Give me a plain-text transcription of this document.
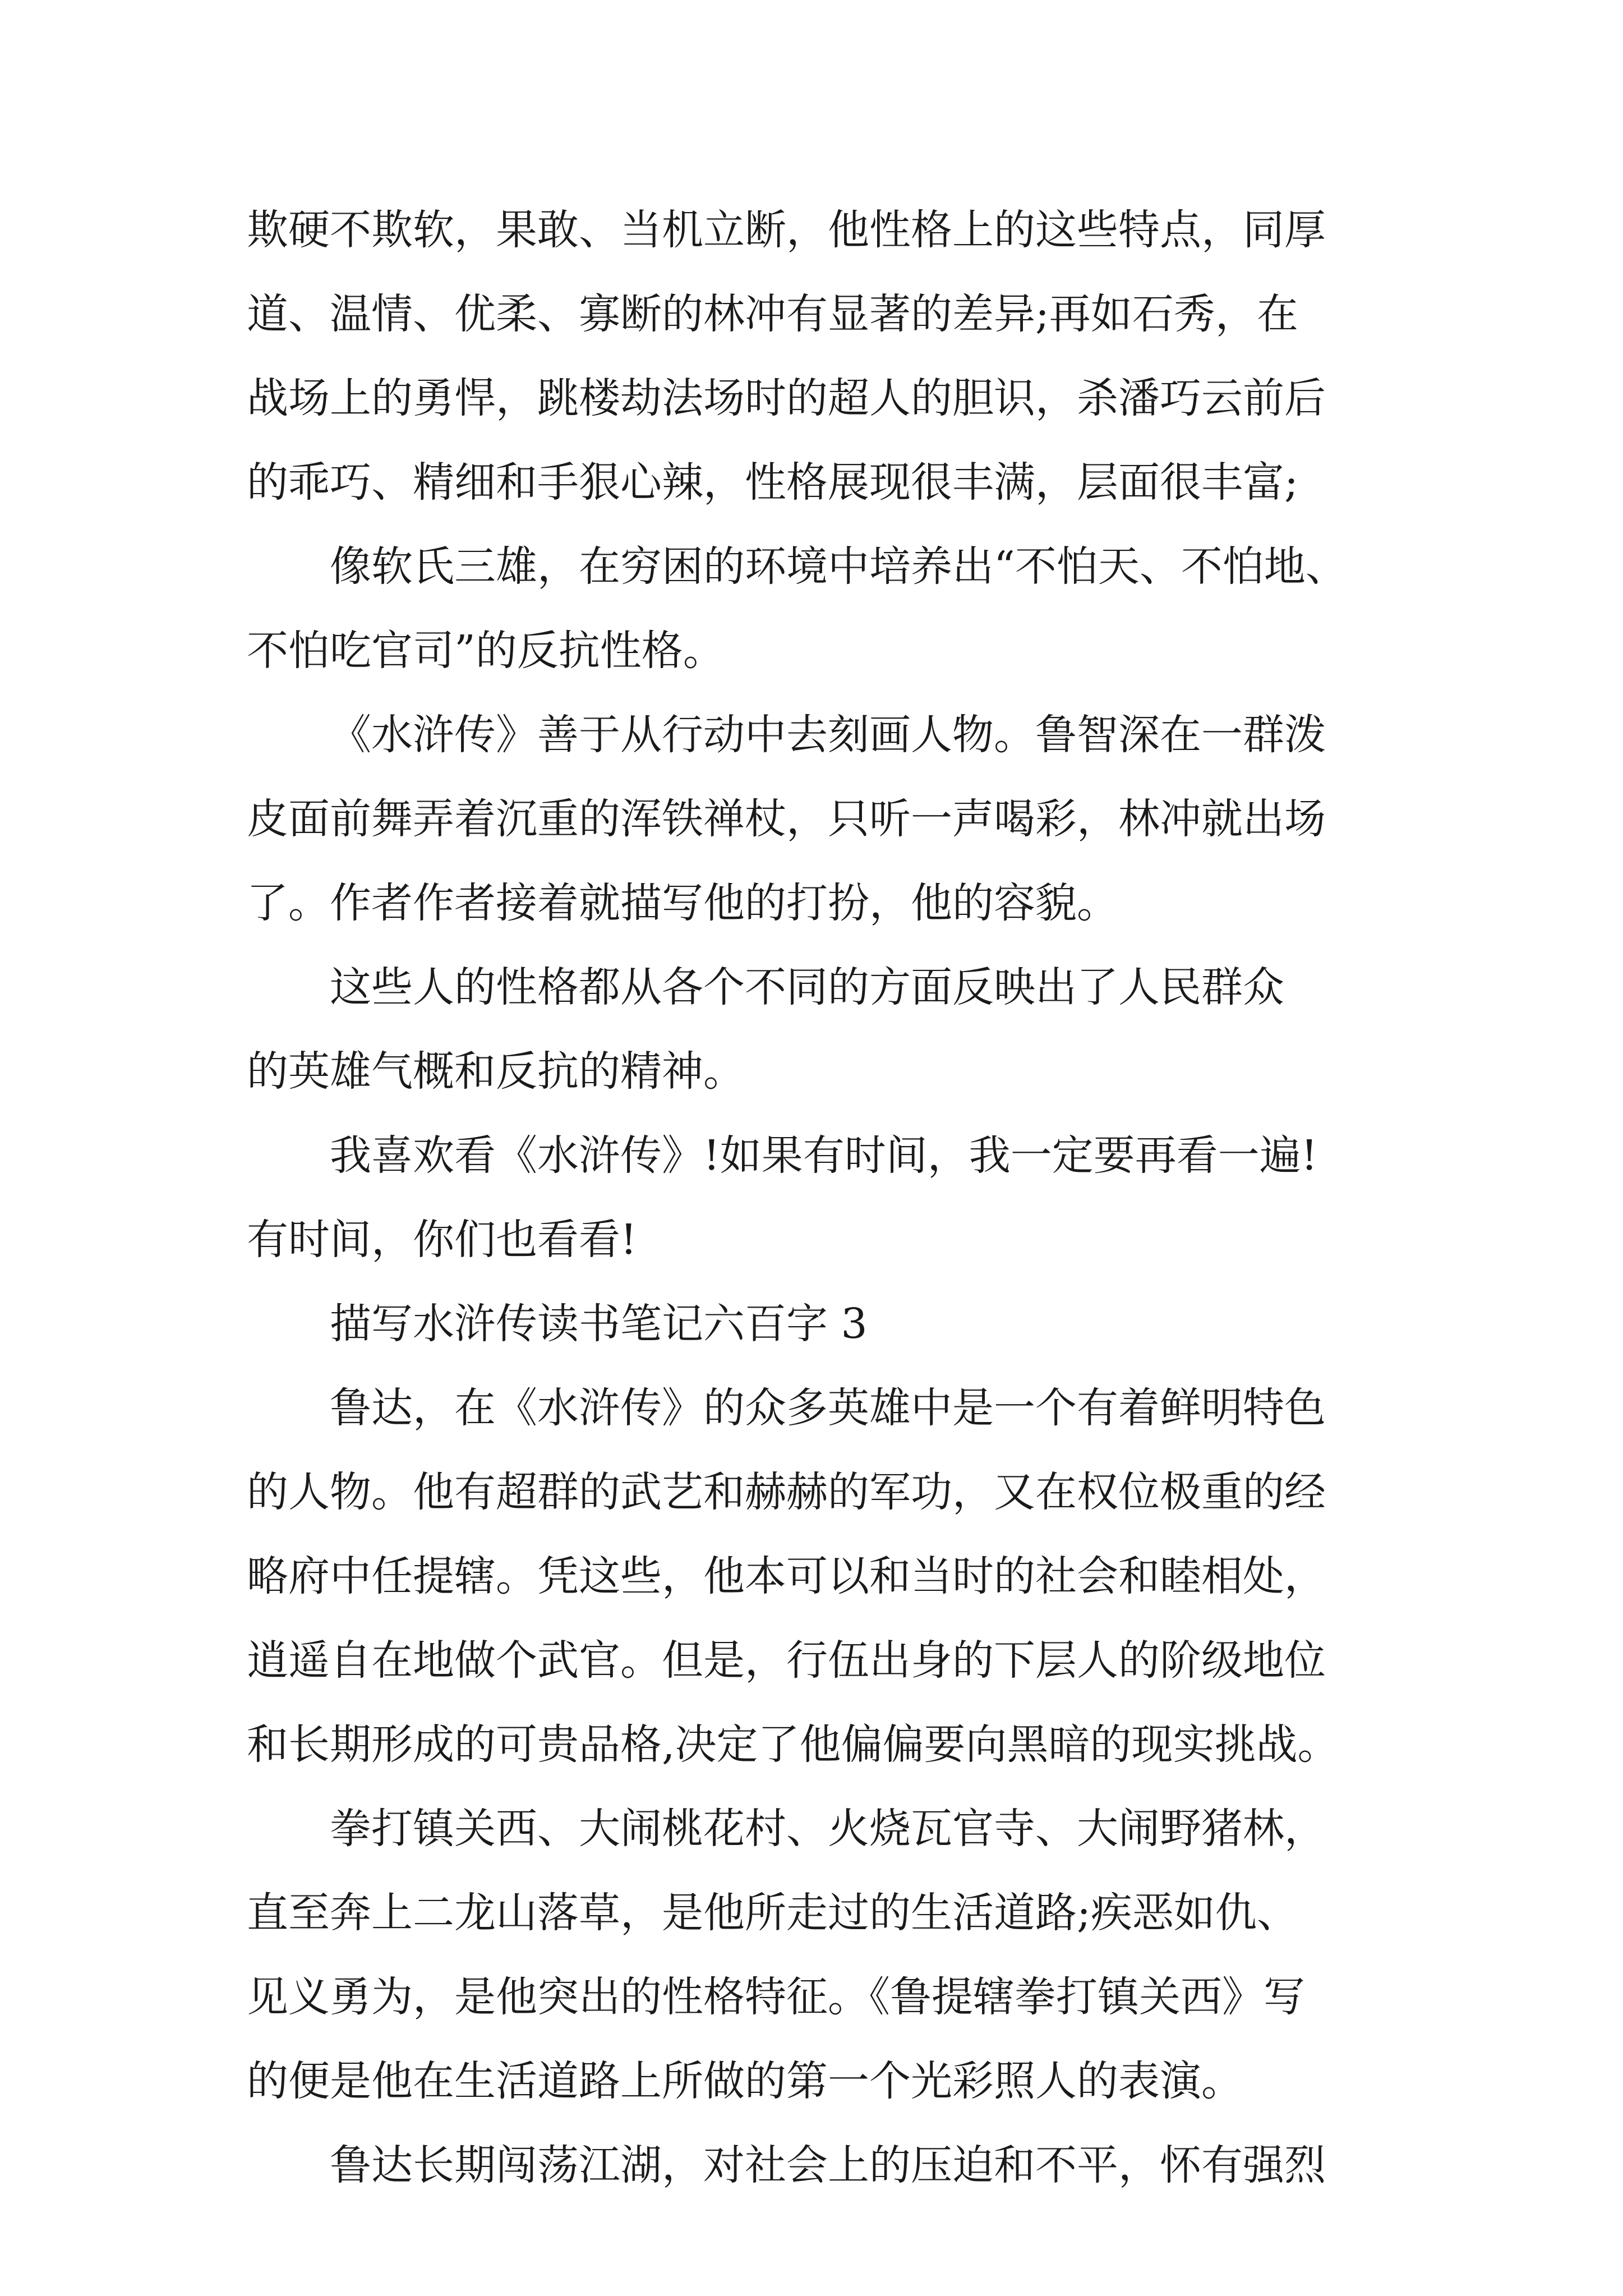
欺硬不欺软，果敢、当机立断，他性格上的这些特点，同厚
道、温情、优柔、寡断的林冲有显著的差异;再如石秀，在
战场上的勇悍，跳楼劫法场时的超人的胆识，杀潘巧云前后
的乖巧、精细和手狠心辣，性格展现很丰满，层面很丰富;

像软氏三雄，在穷困的环境中培养出“不怕天、不怕地、
不怕吃官司”的反抗性格。

《水浒传》善于从行动中去刻画人物。鲁智深在一群泼
皮面前舞弄着沉重的浑铁禅杖，只听一声喝彩，林冲就出场
了。作者作者接着就描写他的打扮，他的容貌。

这些人的性格都从各个不同的方面反映出了人民群众
的英雄气概和反抗的精神。

我喜欢看《水浒传》!如果有时间，我一定要再看一遍!
有时间，你们也看看!

描写水浒传读书笔记六百字 3

鲁达，在《水浒传》的众多英雄中是一个有着鲜明特色
的人物。他有超群的武艺和赫赫的军功，又在权位极重的经
略府中任提辖。凭这些，他本可以和当时的社会和睦相处，
逍遥自在地做个武官。但是，行伍出身的下层人的阶级地位
和长期形成的可贵品格,决定了他偏偏要向黑暗的现实挑战。

拳打镇关西、大闹桃花村、火烧瓦官寺、大闹野猪林，
直至奔上二龙山落草，是他所走过的生活道路;疾恶如仇、
见义勇为，是他突出的性格特征。《鲁提辖拳打镇关西》写
的便是他在生活道路上所做的第一个光彩照人的表演。

鲁达长期闯荡江湖，对社会上的压迫和不平，怀有强烈
